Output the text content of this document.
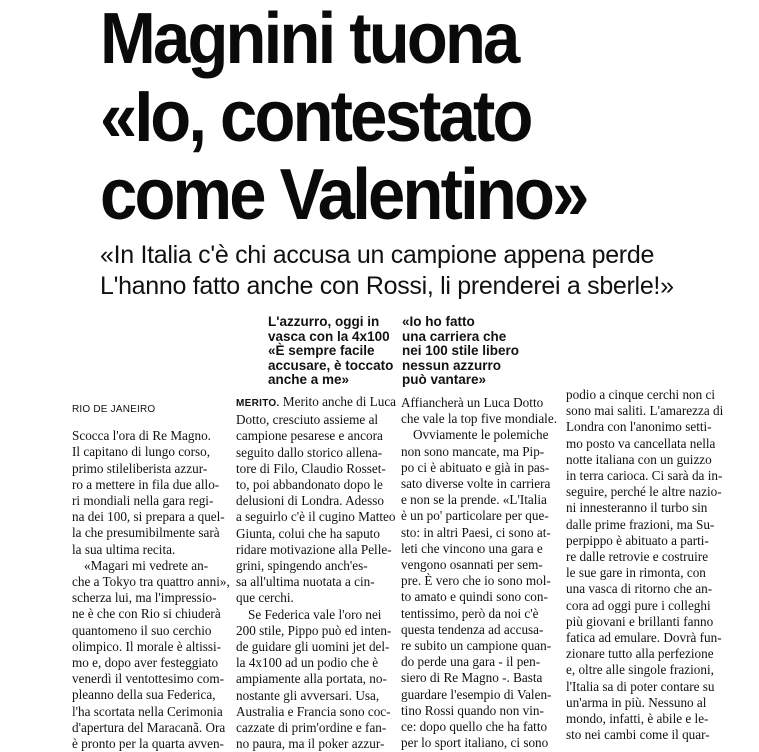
Magnini tuona
«Io, contestato
come Valentino»
«In Italia c'è chi accusa un campione appena perde
L'hanno fatto anche con Rossi, li prenderei a sberle!»
L'azzurro, oggi in
vasca con la 4x100
«È sempre facile
accusare, è toccato
anche a me»
«Io ho fatto
una carriera che
nei 100 stile libero
nessun azzurro
può vantare»
RIO DE JANEIRO
Scocca l'ora di Re Magno.
Il capitano di lungo corso,
primo stileliberista azzur-
ro a mettere in fila due allo-
ri mondiali nella gara regi-
na dei 100, si prepara a quel-
la che presumibilmente sarà
la sua ultima recita.
«Magari mi vedrete an-
che a Tokyo tra quattro anni»,
scherza lui, ma l'impressio-
ne è che con Rio si chiuderà
quantomeno il suo cerchio
olimpico. Il morale è altissi-
mo e, dopo aver festeggiato
venerdì il ventottesimo com-
pleanno della sua Federica,
l'ha scortata nella Cerimonia
d'apertura del Maracanã. Ora
è pronto per la quarta avven-
MERITO. Merito anche di Luca
Dotto, cresciuto assieme al
campione pesarese e ancora
seguito dallo storico allena-
tore di Filo, Claudio Rosset-
to, poi abbandonato dopo le
delusioni di Londra. Adesso
a seguirlo c'è il cugino Matteo
Giunta, colui che ha saputo
ridare motivazione alla Pelle-
grini, spingendo anch'es-
sa all'ultima nuotata a cin-
que cerchi.
Se Federica vale l'oro nei
200 stile, Pippo può ed inten-
de guidare gli uomini jet del-
la 4x100 ad un podio che è
ampiamente alla portata, no-
nostante gli avversari. Usa,
Australia e Francia sono coc-
cazzate di prim'ordine e fan-
no paura, ma il poker azzur-
Affiancherà un Luca Dotto
che vale la top five mondiale.
Ovviamente le polemiche
non sono mancate, ma Pip-
po ci è abituato e già in pas-
sato diverse volte in carriera
e non se la prende. «L'Italia
è un po' particolare per que-
sto: in altri Paesi, ci sono at-
leti che vincono una gara e
vengono osannati per sem-
pre. È vero che io sono mol-
to amato e quindi sono con-
tentissimo, però da noi c'è
questa tendenza ad accusa-
re subito un campione quan-
do perde una gara - il pen-
siero di Re Magno -. Basta
guardare l'esempio di Valen-
tino Rossi quando non vin-
ce: dopo quello che ha fatto
per lo sport italiano, ci sono
podio a cinque cerchi non ci
sono mai saliti. L'amarezza di
Londra con l'anonimo setti-
mo posto va cancellata nella
notte italiana con un guizzo
in terra carioca. Ci sarà da in-
seguire, perché le altre nazio-
ni innesteranno il turbo sin
dalle prime frazioni, ma Su-
perpippo è abituato a parti-
re dalle retrovie e costruire
le sue gare in rimonta, con
una vasca di ritorno che an-
cora ad oggi pure i colleghi
più giovani e brillanti fanno
fatica ad emulare. Dovrà fun-
zionare tutto alla perfezione
e, oltre alle singole frazioni,
l'Italia sa di poter contare su
un'arma in più. Nessuno al
mondo, infatti, è abile e le-
sto nei cambi come il quar-
